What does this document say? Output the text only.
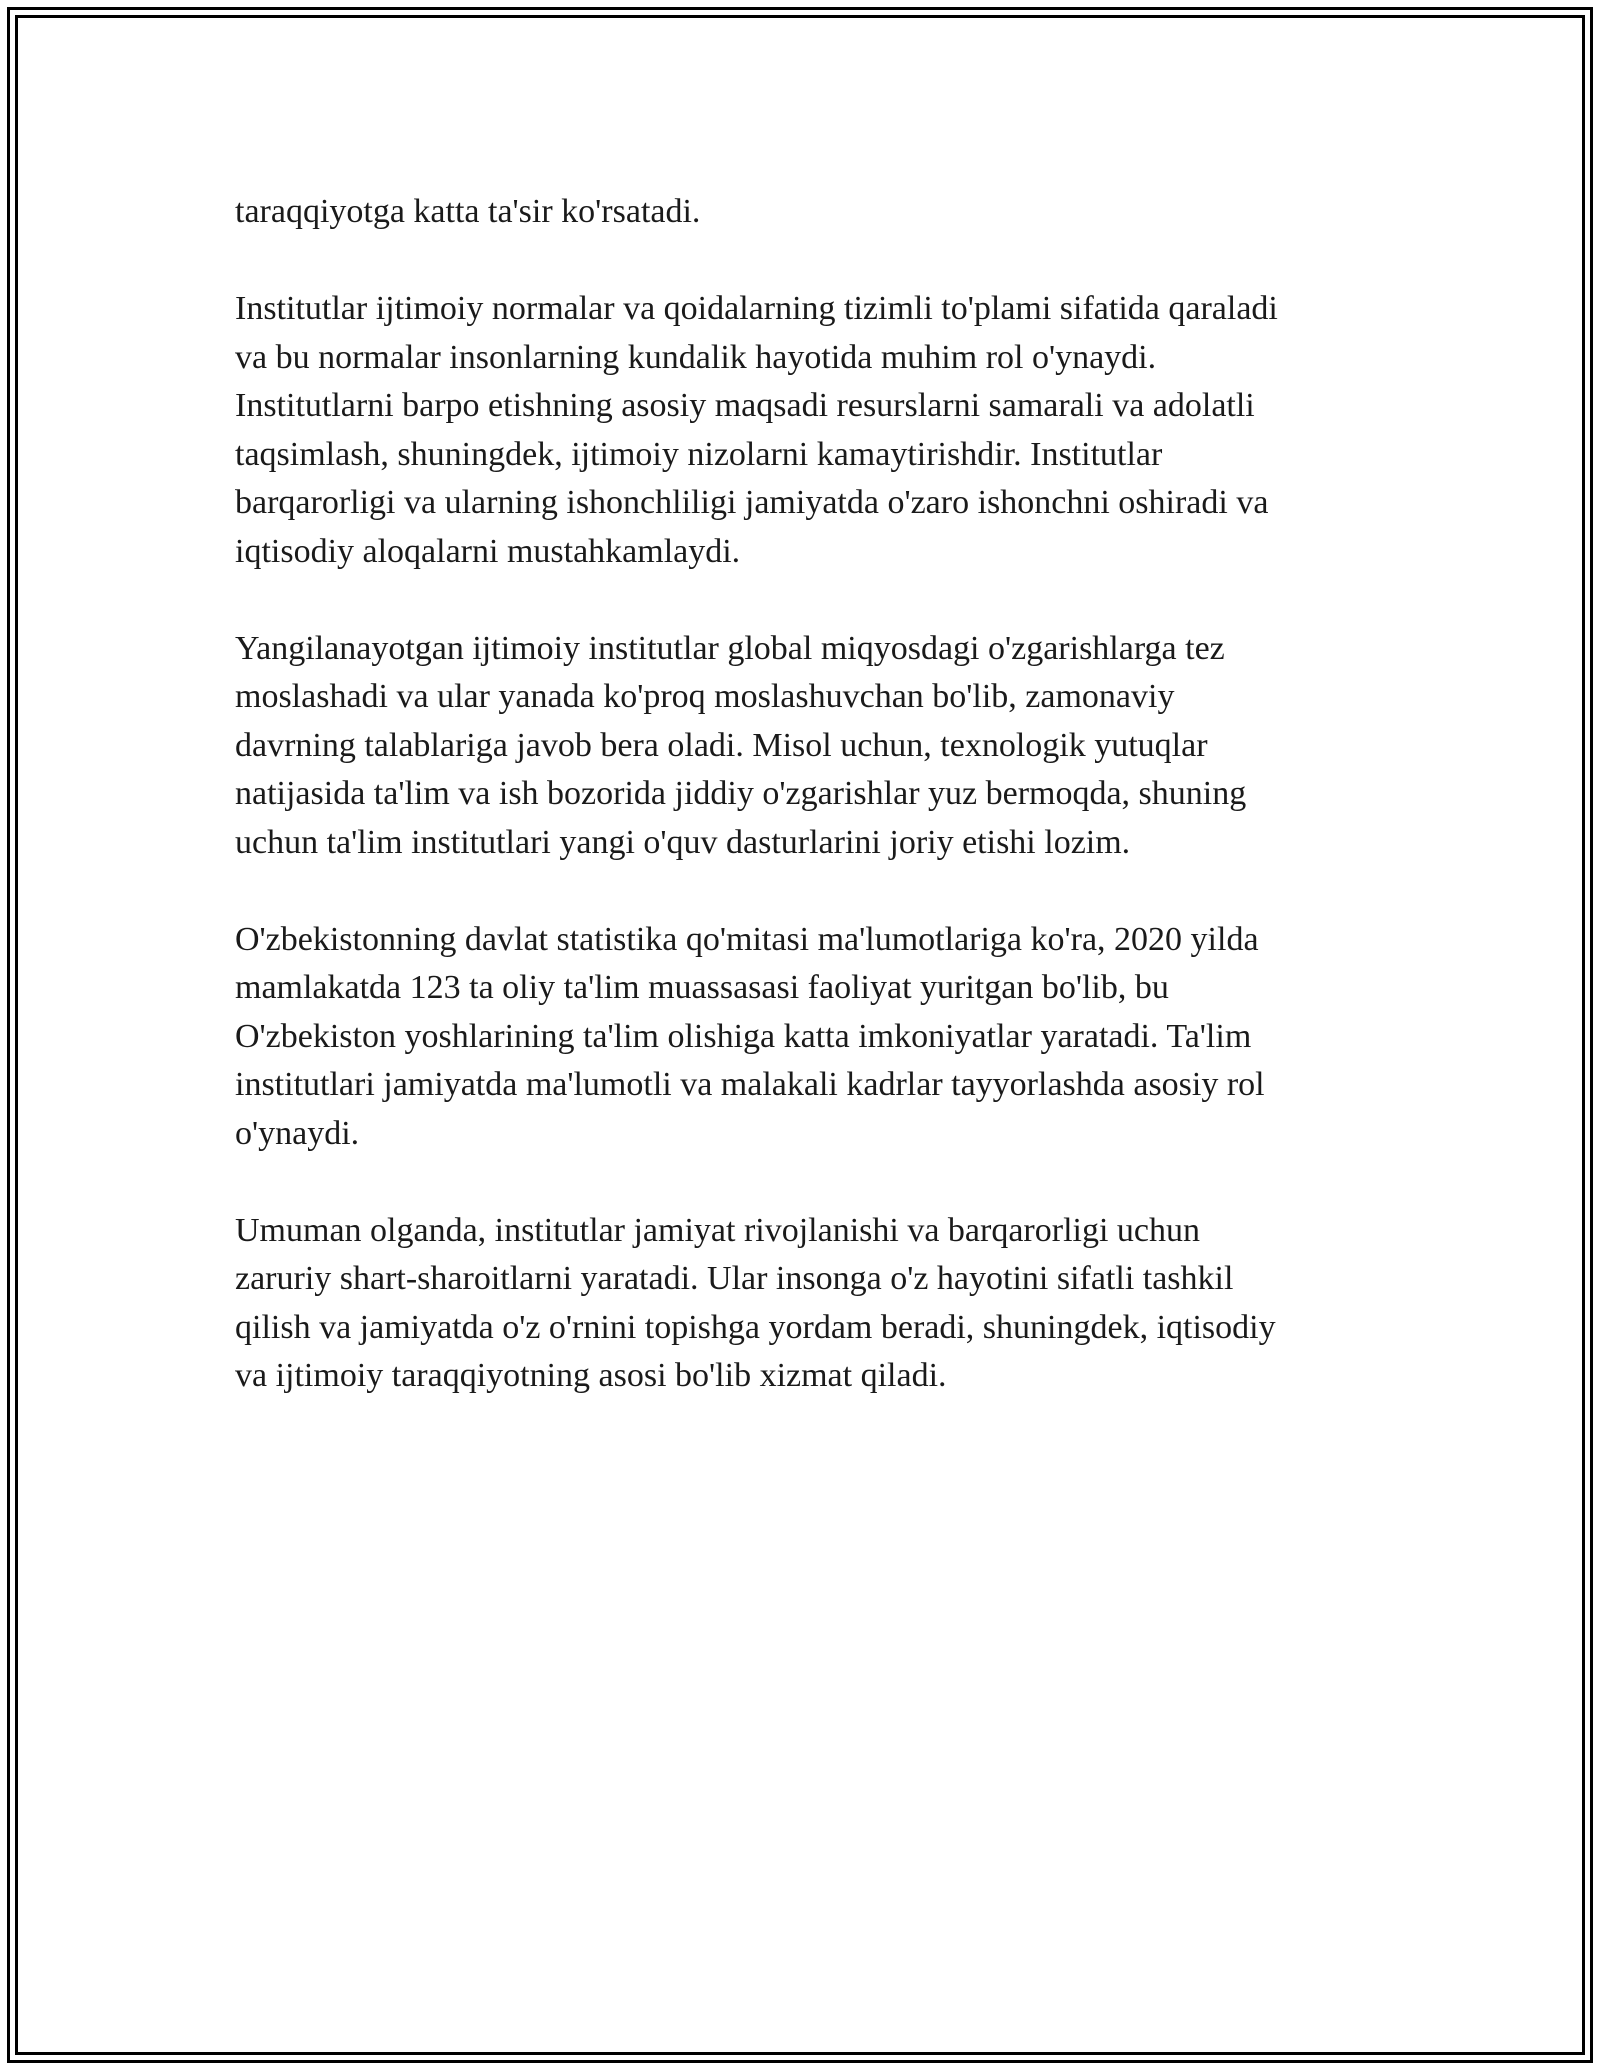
taraqqiyotga katta ta'sir ko'rsatadi.

Institutlar ijtimoiy normalar va qoidalarning tizimli to'plami sifatida qaraladi
va bu normalar insonlarning kundalik hayotida muhim rol o'ynaydi.
Institutlarni barpo etishning asosiy maqsadi resurslarni samarali va adolatli
taqsimlash, shuningdek, ijtimoiy nizolarni kamaytirishdir. Institutlar
barqarorligi va ularning ishonchliligi jamiyatda o'zaro ishonchni oshiradi va
iqtisodiy aloqalarni mustahkamlaydi.

Yangilanayotgan ijtimoiy institutlar global miqyosdagi o'zgarishlarga tez
moslashadi va ular yanada ko'proq moslashuvchan bo'lib, zamonaviy
davrning talablariga javob bera oladi. Misol uchun, texnologik yutuqlar
natijasida ta'lim va ish bozorida jiddiy o'zgarishlar yuz bermoqda, shuning
uchun ta'lim institutlari yangi o'quv dasturlarini joriy etishi lozim.

O'zbekistonning davlat statistika qo'mitasi ma'lumotlariga ko'ra, 2020 yilda
mamlakatda 123 ta oliy ta'lim muassasasi faoliyat yuritgan bo'lib, bu
O'zbekiston yoshlarining ta'lim olishiga katta imkoniyatlar yaratadi. Ta'lim
institutlari jamiyatda ma'lumotli va malakali kadrlar tayyorlashda asosiy rol
o'ynaydi.

Umuman olganda, institutlar jamiyat rivojlanishi va barqarorligi uchun
zaruriy shart-sharoitlarni yaratadi. Ular insonga o'z hayotini sifatli tashkil
qilish va jamiyatda o'z o'rnini topishga yordam beradi, shuningdek, iqtisodiy
va ijtimoiy taraqqiyotning asosi bo'lib xizmat qiladi.
